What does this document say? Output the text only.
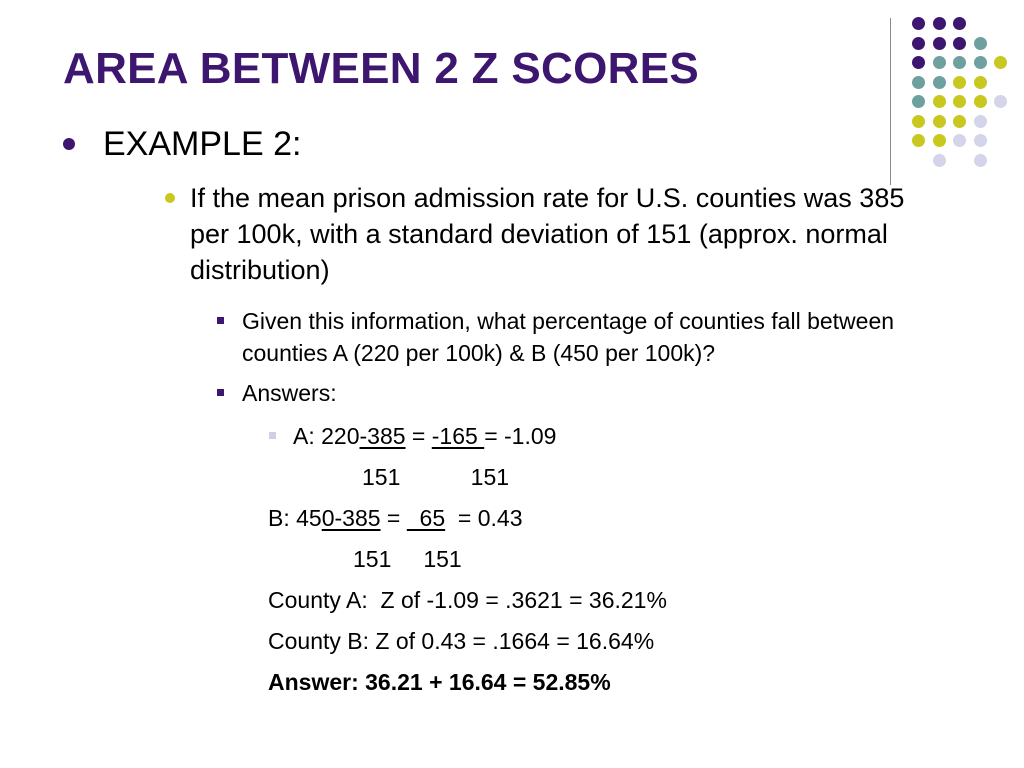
AREA BETWEEN 2 Z SCORES
EXAMPLE 2:
If the mean prison admission rate for U.S. counties was 385 per 100k, with a standard deviation of 151 (approx. normal distribution)
Given this information, what percentage of counties fall between counties A (220 per 100k) & B (450 per 100k)?
Answers:
A: 220-385 = -165 = -1.09
151           151
B: 450-385 =   65  = 0.43
151     151
County A:  Z of -1.09 = .3621 = 36.21%
County B: Z of 0.43 = .1664 = 16.64%
Answer: 36.21 + 16.64 = 52.85%
